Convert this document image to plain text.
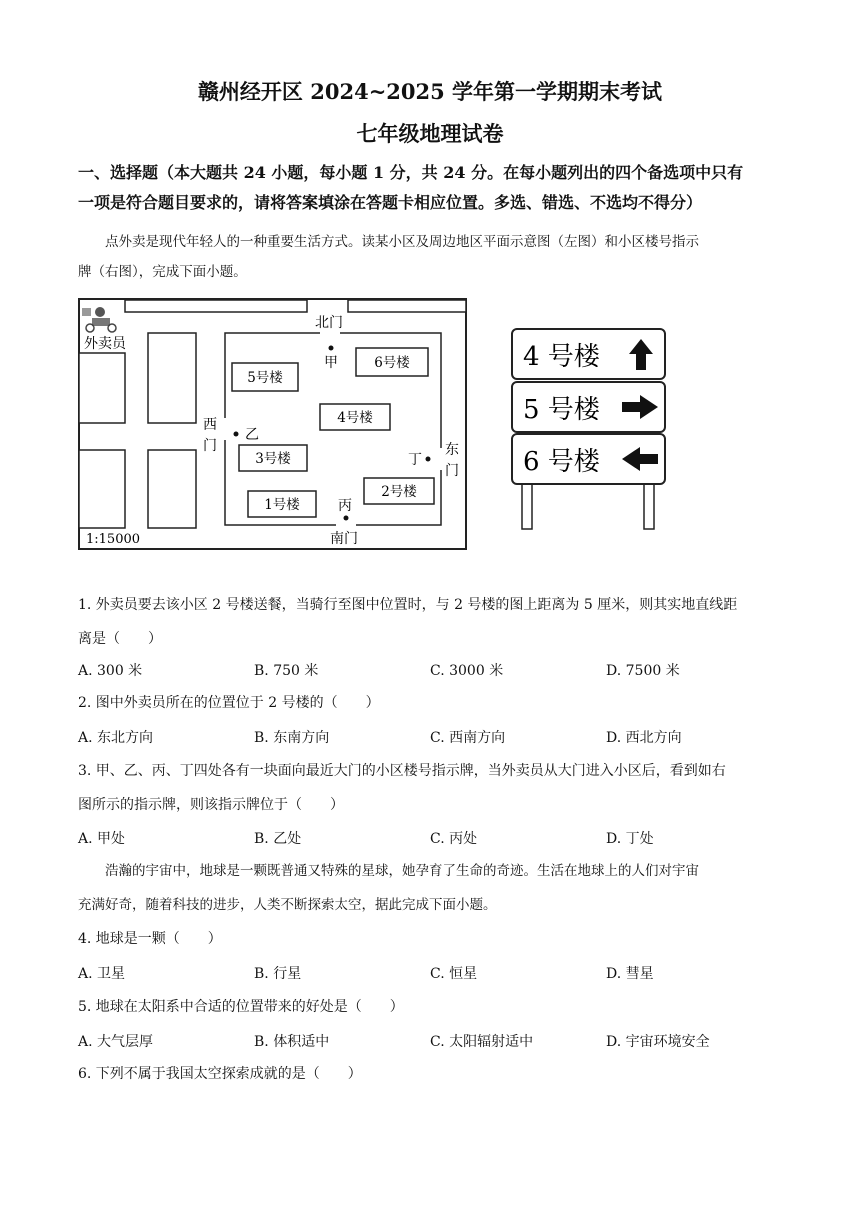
赣州经开区 2024~2025 学年第一学期期末考试
七年级地理试卷
一、选择题（本大题共 24 小题，每小题 1 分，共 24 分。在每小题列出的四个备选项中只有
一项是符合题目要求的，请将答案填涂在答题卡相应位置。多选、错选、不选均不得分）
点外卖是现代年轻人的一种重要生活方式。读某小区及周边地区平面示意图（左图）和小区楼号指示
牌（右图），完成下面小题。
外卖员
北门
南门
西
门	东
门
甲
乙
丙
丁
5号楼
6号楼
4号楼
3号楼
1号楼
2号楼
1:15000
4 号楼
5 号楼
6 号楼
1. 外卖员要去该小区 2 号楼送餐，当骑行至图中位置时，与 2 号楼的图上距离为 5 厘米，则其实地直线距
离是（　　）
A. 300 米	B. 750 米	C. 3000 米	D. 7500 米
2. 图中外卖员所在的位置位于 2 号楼的（　　）
A. 东北方向	B. 东南方向	C. 西南方向	D. 西北方向
3. 甲、乙、丙、丁四处各有一块面向最近大门的小区楼号指示牌，当外卖员从大门进入小区后，看到如右
图所示的指示牌，则该指示牌位于（　　）
A. 甲处	B. 乙处	C. 丙处	D. 丁处
浩瀚的宇宙中，地球是一颗既普通又特殊的星球，她孕育了生命的奇迹。生活在地球上的人们对宇宙
充满好奇，随着科技的进步，人类不断探索太空，据此完成下面小题。
4. 地球是一颗（　　）
A. 卫星	B. 行星	C. 恒星	D. 彗星
5. 地球在太阳系中合适的位置带来的好处是（　　）
A. 大气层厚	B. 体积适中	C. 太阳辐射适中	D. 宇宙环境安全
6. 下列不属于我国太空探索成就的是（　　）
